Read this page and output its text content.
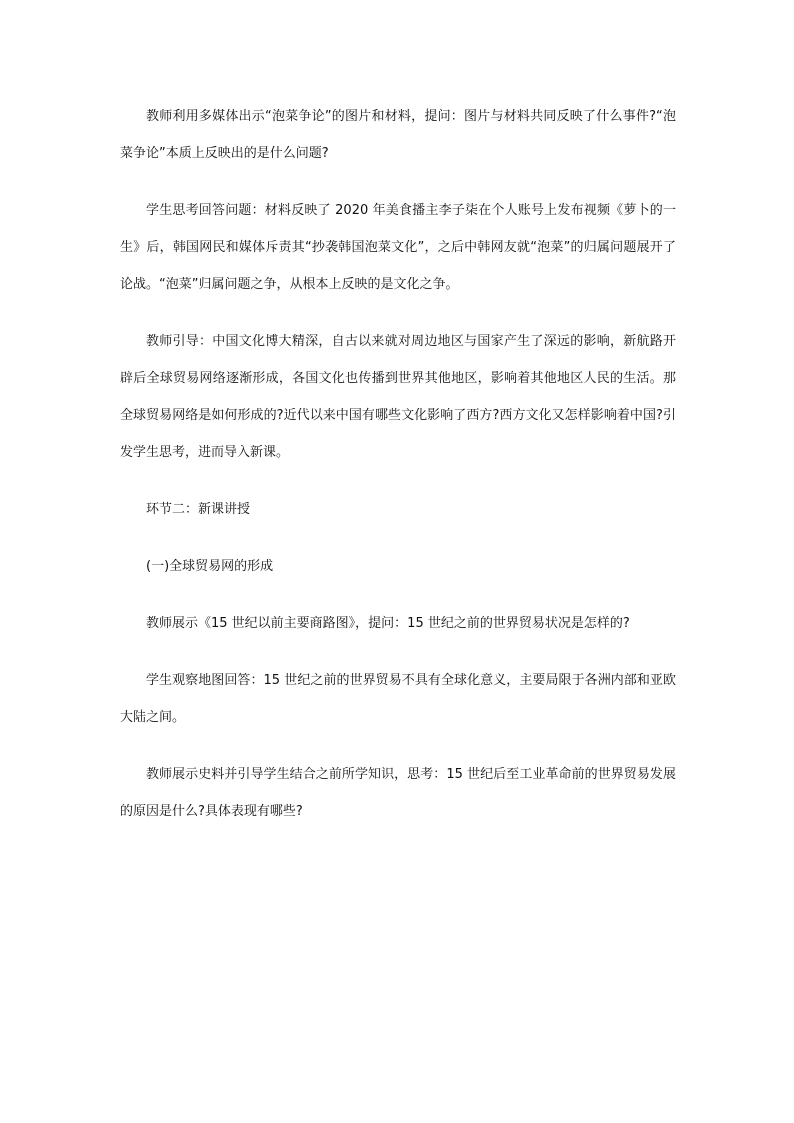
教师利用多媒体出示“泡菜争论”的图片和材料，提问：图片与材料共同反映了什么事件?“泡菜争论”本质上反映出的是什么问题?

学生思考回答问题：材料反映了 2020 年美食播主李子柒在个人账号上发布视频《萝卜的一生》后，韩国网民和媒体斥责其“抄袭韩国泡菜文化”，之后中韩网友就“泡菜”的归属问题展开了论战。“泡菜”归属问题之争，从根本上反映的是文化之争。

教师引导：中国文化博大精深，自古以来就对周边地区与国家产生了深远的影响，新航路开辟后全球贸易网络逐渐形成，各国文化也传播到世界其他地区，影响着其他地区人民的生活。那全球贸易网络是如何形成的?近代以来中国有哪些文化影响了西方?西方文化又怎样影响着中国?引发学生思考，进而导入新课。

环节二：新课讲授

(一)全球贸易网的形成

教师展示《15 世纪以前主要商路图》，提问：15 世纪之前的世界贸易状况是怎样的?

学生观察地图回答：15 世纪之前的世界贸易不具有全球化意义，主要局限于各洲内部和亚欧大陆之间。

教师展示史料并引导学生结合之前所学知识，思考：15 世纪后至工业革命前的世界贸易发展的原因是什么?具体表现有哪些?
